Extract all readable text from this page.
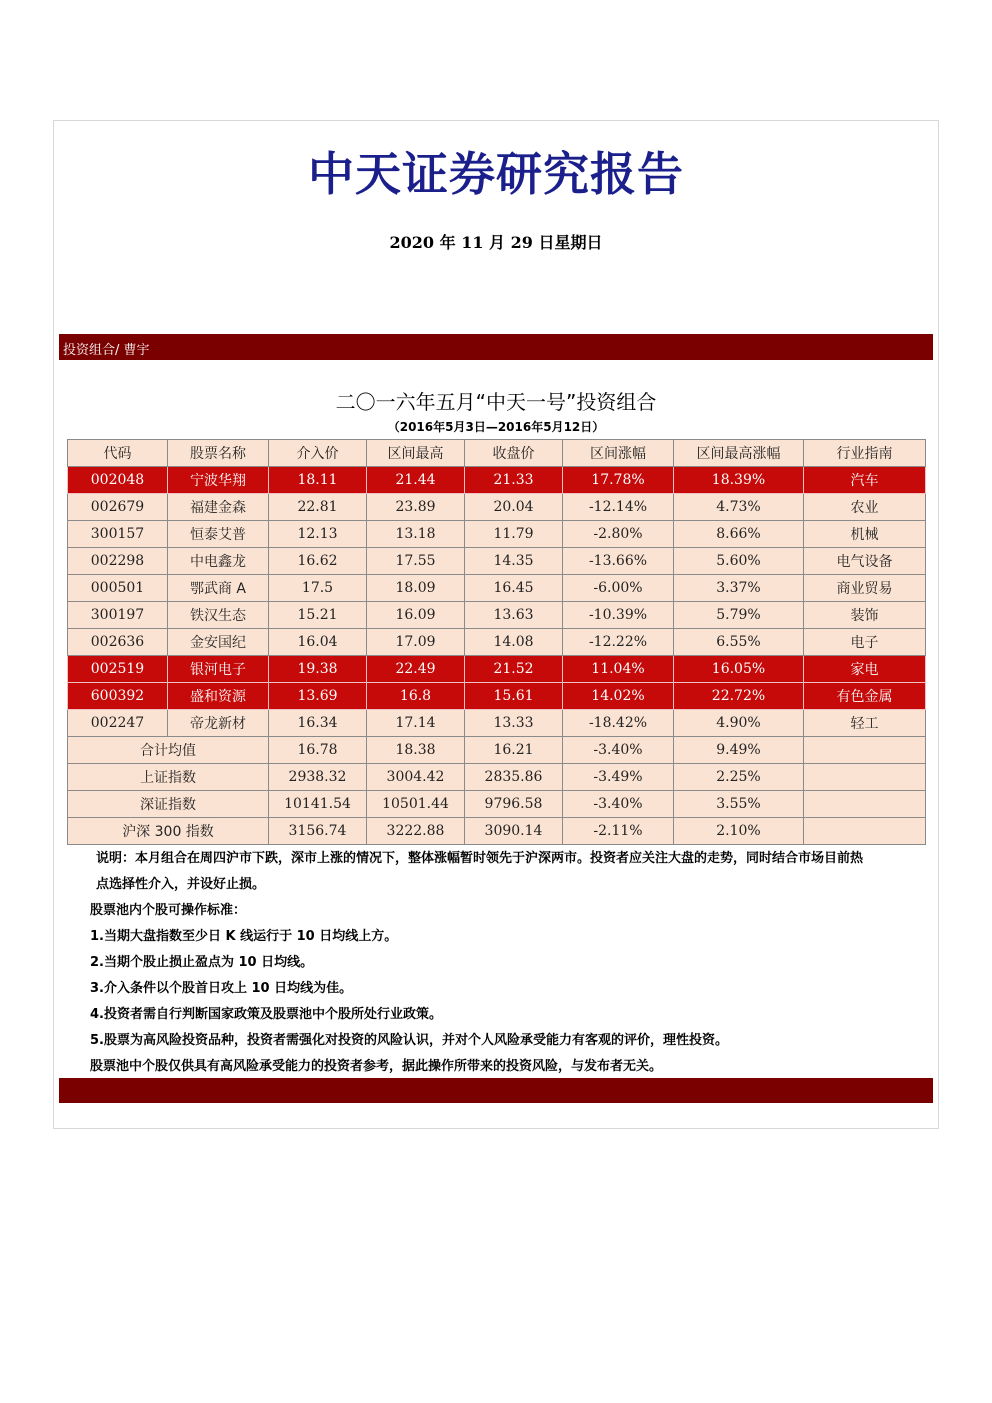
中天证券研究报告
2020 年 11 月 29 日星期日
投资组合/ 曹宇
二〇一六年五月“中天一号”投资组合
（2016年5月3日—2016年5月12日）
代码	股票名称	介入价	区间最高	收盘价	区间涨幅	区间最高涨幅	行业指南
002048	宁波华翔	18.11	21.44	21.33	17.78%	18.39%	汽车
002679	福建金森	22.81	23.89	20.04	-12.14%	4.73%	农业
300157	恒泰艾普	12.13	13.18	11.79	-2.80%	8.66%	机械
002298	中电鑫龙	16.62	17.55	14.35	-13.66%	5.60%	电气设备
000501	鄂武商 A	17.5	18.09	16.45	-6.00%	3.37%	商业贸易
300197	铁汉生态	15.21	16.09	13.63	-10.39%	5.79%	装饰
002636	金安国纪	16.04	17.09	14.08	-12.22%	6.55%	电子
002519	银河电子	19.38	22.49	21.52	11.04%	16.05%	家电
600392	盛和资源	13.69	16.8	15.61	14.02%	22.72%	有色金属
002247	帝龙新材	16.34	17.14	13.33	-18.42%	4.90%	轻工
合计均值		16.78	18.38	16.21	-3.40%	9.49%	
上证指数		2938.32	3004.42	2835.86	-3.49%	2.25%	
深证指数		10141.54	10501.44	9796.58	-3.40%	3.55%	
沪深 300 指数		3156.74	3222.88	3090.14	-2.11%	2.10%	
说明：本月组合在周四沪市下跌，深市上涨的情况下，整体涨幅暂时领先于沪深两市。投资者应关注大盘的走势，同时结合市场目前热
点选择性介入，并设好止损。
股票池内个股可操作标准：
1.当期大盘指数至少日 K 线运行于 10 日均线上方。
2.当期个股止损止盈点为 10 日均线。
3.介入条件以个股首日攻上 10 日均线为佳。
4.投资者需自行判断国家政策及股票池中个股所处行业政策。
5.股票为高风险投资品种，投资者需强化对投资的风险认识，并对个人风险承受能力有客观的评价，理性投资。
股票池中个股仅供具有高风险承受能力的投资者参考，据此操作所带来的投资风险，与发布者无关。
